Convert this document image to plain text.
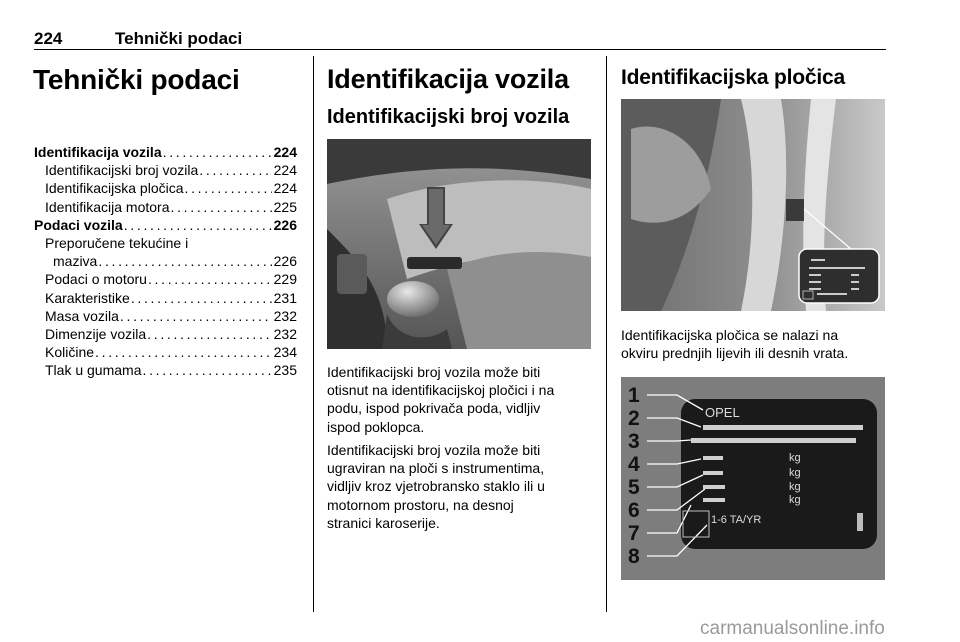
224	Tehnički podaci
Tehnički podaci
Identifikacija vozila . . .	224
Identifikacijski broj vozila . . .	224
Identifikacijska pločica . . .	224
Identifikacija motora . . .	225
Podaci vozila . . .	226
Preporučene tekućine i
maziva . . .	226
Podaci o motoru . . .	229
Karakteristike . . .	231
Masa vozila . . .	232
Dimenzije vozila . . .	232
Količine . . .	234
Tlak u gumama . . .	235
Identifikacija vozila
Identifikacijski broj vozila
Identifikacijski broj vozila može biti
otisnut na identifikacijskoj pločici i na
podu, ispod pokrivača poda, vidljiv
ispod poklopca.
Identifikacijski broj vozila može biti
ugraviran na ploči s instrumentima,
vidljiv kroz vjetrobransko staklo ili u
motornom prostoru, na desnoj
stranici karoserije.
Identifikacijska pločica
Identifikacijska pločica se nalazi na
okviru prednjih lijevih ili desnih vrata.
1
2
3
4
5
6
7
8
OPEL
kg
kg
kg
kg
1-6 TA/YR
carmanualsonline.info
